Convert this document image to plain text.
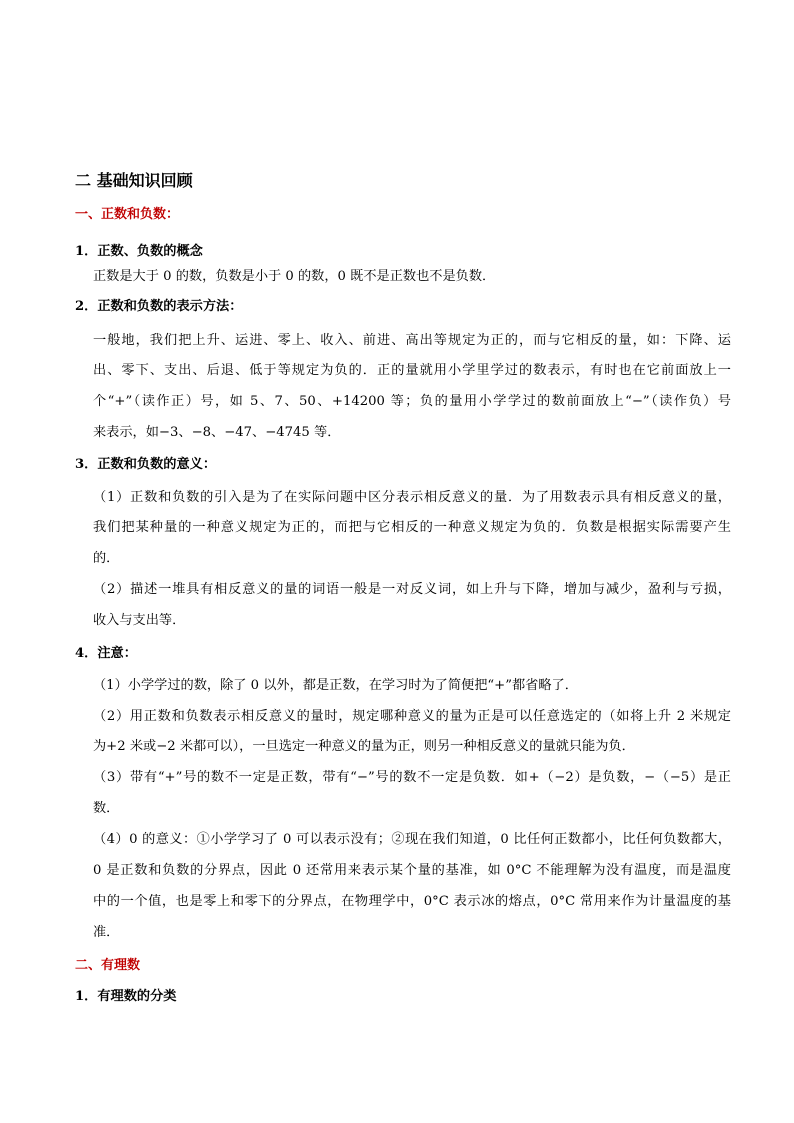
二 基础知识回顾
一、正数和负数：
1．正数、负数的概念
正数是大于 0 的数，负数是小于 0 的数，0 既不是正数也不是负数．
2．正数和负数的表示方法：
一般地，我们把上升、运进、零上、收入、前进、高出等规定为正的，而与它相反的量，如：下降、运
出、零下、支出、后退、低于等规定为负的．正的量就用小学里学过的数表示，有时也在它前面放上一
个“+”（读作正）号，如 5、7、50、+14200 等；负的量用小学学过的数前面放上“−”（读作负）号
来表示，如−3、−8、−47、−4745 等．
3．正数和负数的意义：
（1）正数和负数的引入是为了在实际问题中区分表示相反意义的量．为了用数表示具有相反意义的量，
我们把某种量的一种意义规定为正的，而把与它相反的一种意义规定为负的．负数是根据实际需要产生
的．
（2）描述一堆具有相反意义的量的词语一般是一对反义词，如上升与下降，增加与减少，盈利与亏损，
收入与支出等．
4．注意：
（1）小学学过的数，除了 0 以外，都是正数，在学习时为了简便把“+”都省略了．
（2）用正数和负数表示相反意义的量时，规定哪种意义的量为正是可以任意选定的（如将上升 2 米规定
为+2 米或−2 米都可以），一旦选定一种意义的量为正，则另一种相反意义的量就只能为负．
（3）带有“+”号的数不一定是正数，带有“−”号的数不一定是负数．如+（−2）是负数，−（−5）是正
数．
（4）0 的意义：①小学学习了 0 可以表示没有；②现在我们知道，0 比任何正数都小，比任何负数都大，
0 是正数和负数的分界点，因此 0 还常用来表示某个量的基准，如 0°C 不能理解为没有温度，而是温度
中的一个值，也是零上和零下的分界点，在物理学中，0°C 表示冰的熔点，0°C 常用来作为计量温度的基
准．
二、有理数
1．有理数的分类
